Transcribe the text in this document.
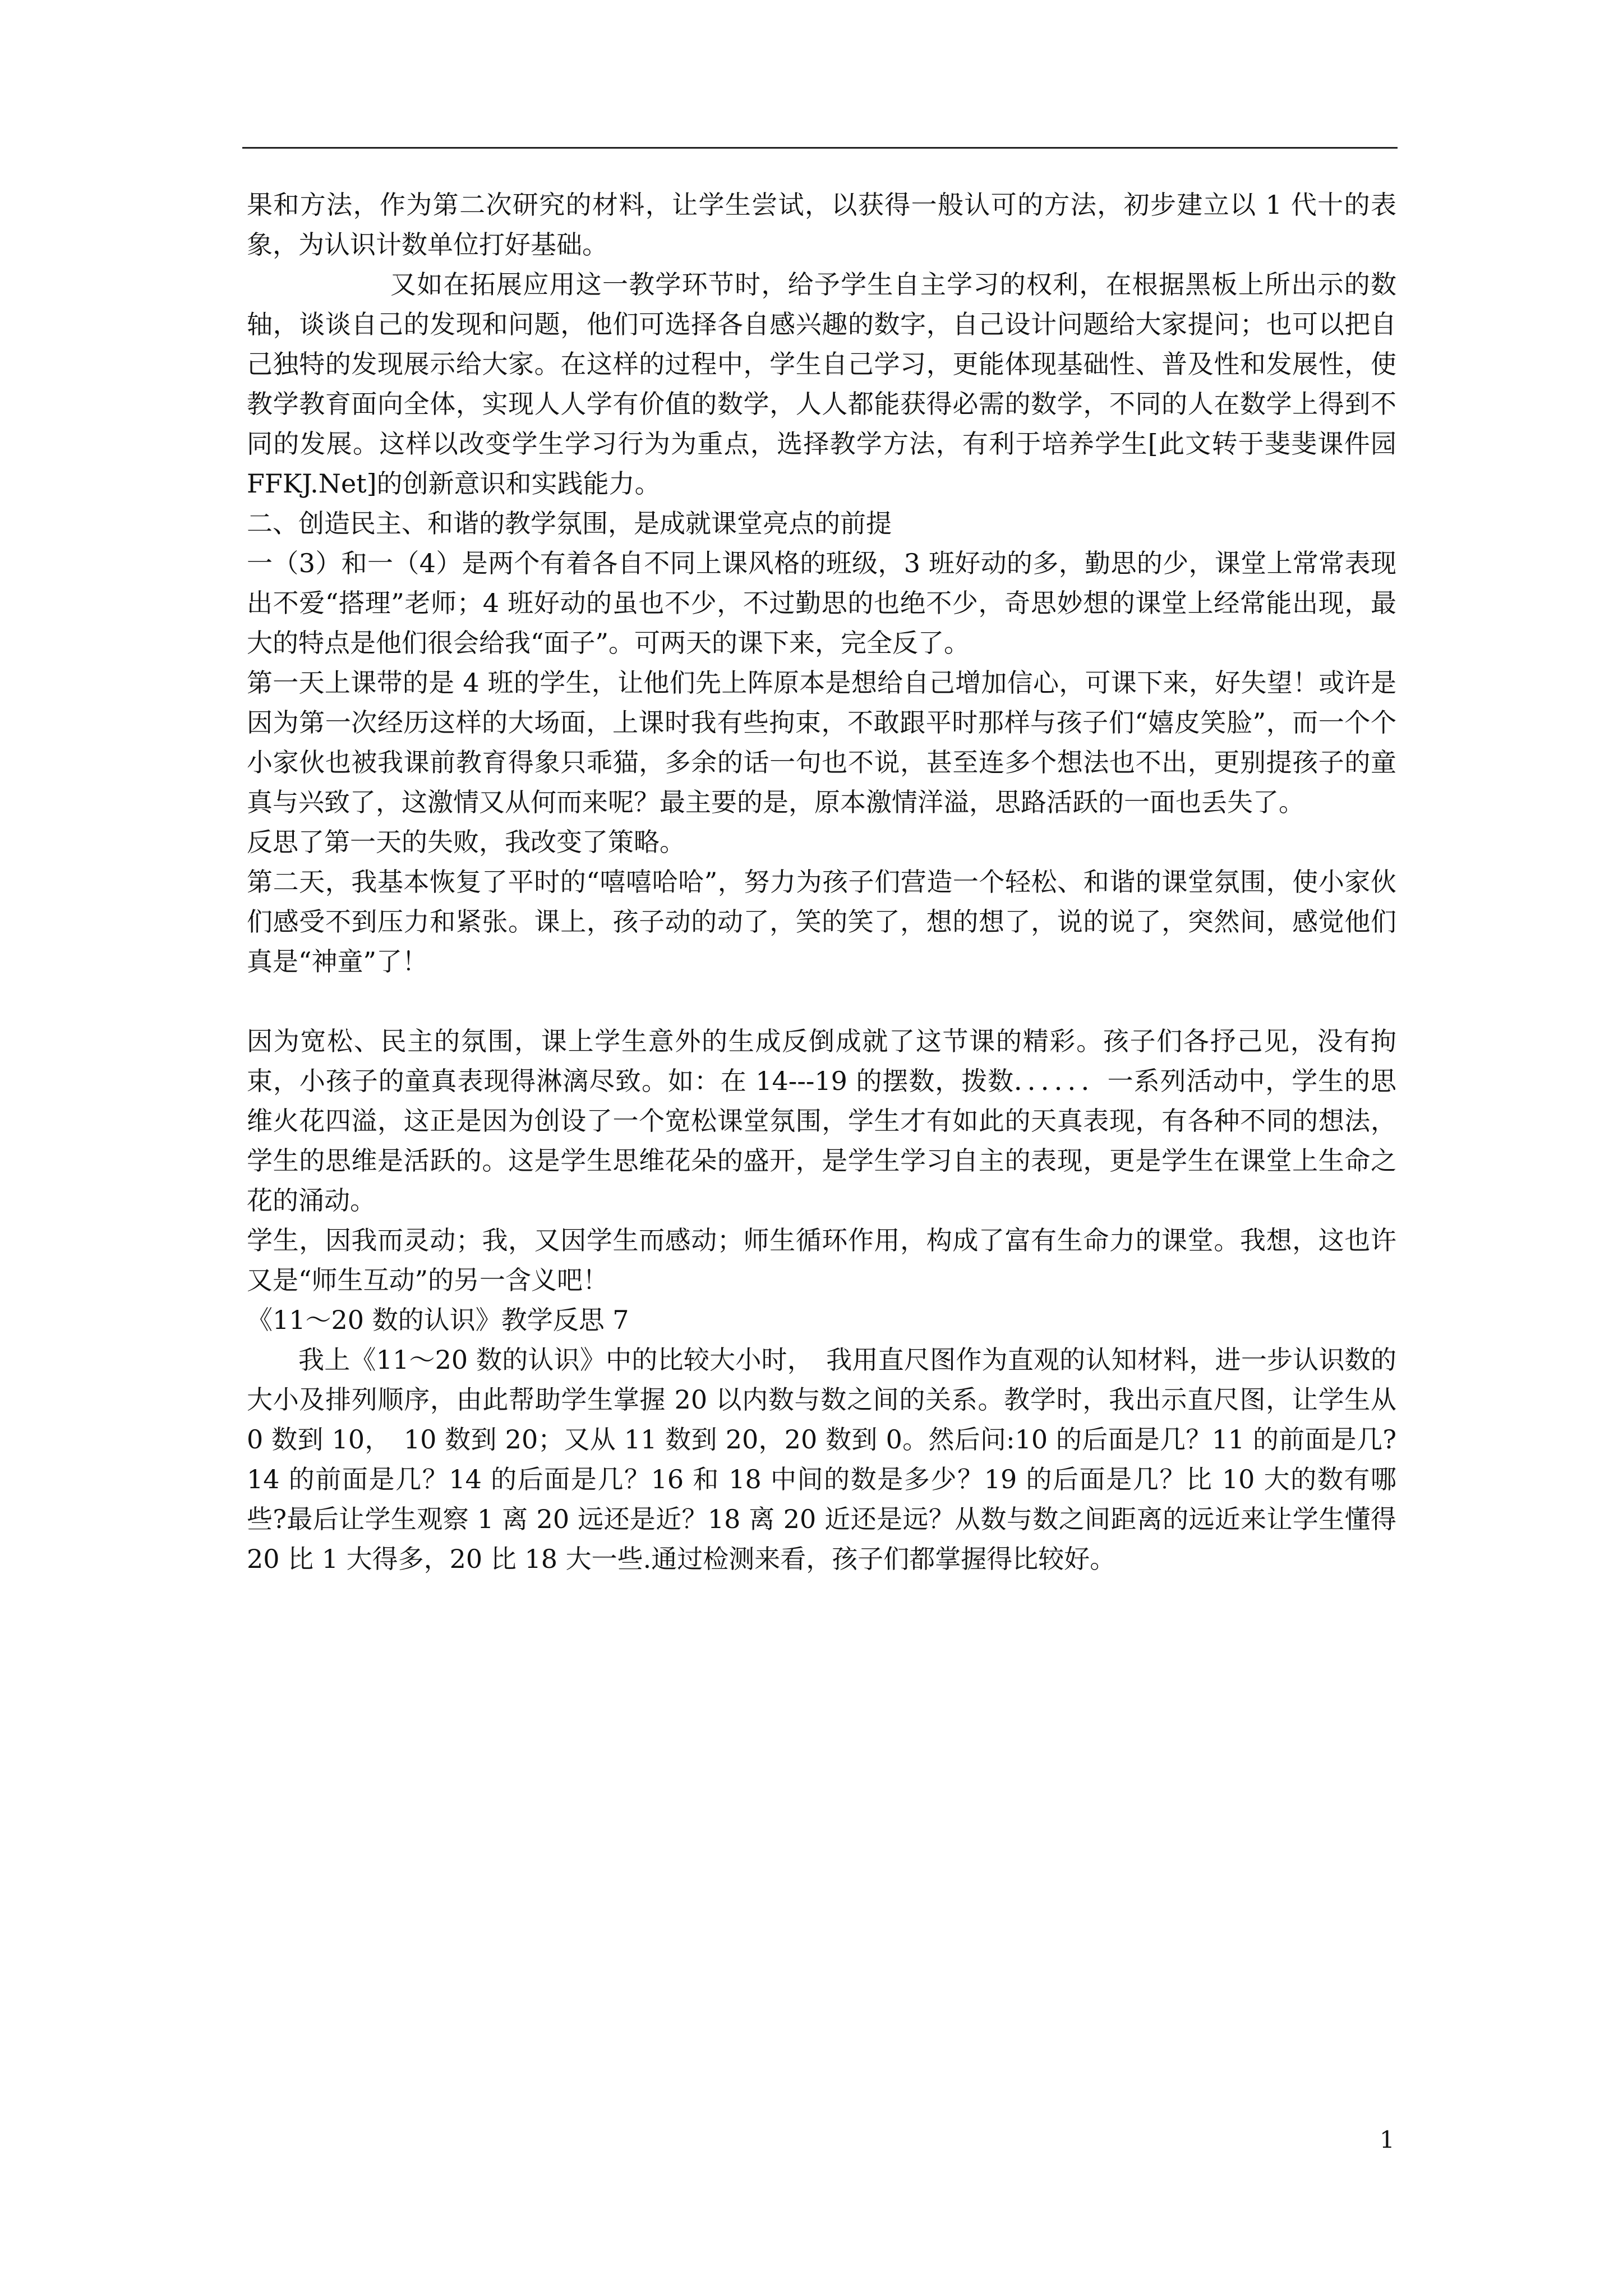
果和方法，作为第二次研究的材料，让学生尝试，以获得一般认可的方法，初步建立以 1 代十的表象，为认识计数单位打好基础。

又如在拓展应用这一教学环节时，给予学生自主学习的权利，在根据黑板上所出示的数轴，谈谈自己的发现和问题，他们可选择各自感兴趣的数字，自己设计问题给大家提问；也可以把自己独特的发现展示给大家。在这样的过程中，学生自己学习，更能体现基础性、普及性和发展性，使教学教育面向全体，实现人人学有价值的数学，人人都能获得必需的数学，不同的人在数学上得到不同的发展。这样以改变学生学习行为为重点，选择教学方法，有利于培养学生[此文转于斐斐课件园　FFKJ.Net]的创新意识和实践能力。

二、创造民主、和谐的教学氛围，是成就课堂亮点的前提

一（3）和一（4）是两个有着各自不同上课风格的班级，3 班好动的多，勤思的少，课堂上常常表现出不爱“搭理”老师；4 班好动的虽也不少，不过勤思的也绝不少，奇思妙想的课堂上经常能出现，最大的特点是他们很会给我“面子”。可两天的课下来，完全反了。

第一天上课带的是 4 班的学生，让他们先上阵原本是想给自己增加信心，可课下来，好失望！或许是因为第一次经历这样的大场面，上课时我有些拘束，不敢跟平时那样与孩子们“嬉皮笑脸”，而一个个小家伙也被我课前教育得象只乖猫，多余的话一句也不说，甚至连多个想法也不出，更别提孩子的童真与兴致了，这激情又从何而来呢？最主要的是，原本激情洋溢，思路活跃的一面也丢失了。

反思了第一天的失败，我改变了策略。

第二天，我基本恢复了平时的“嘻嘻哈哈”，努力为孩子们营造一个轻松、和谐的课堂氛围，使小家伙们感受不到压力和紧张。课上，孩子动的动了，笑的笑了，想的想了，说的说了，突然间，感觉他们真是“神童”了！

因为宽松、民主的氛围，课上学生意外的生成反倒成就了这节课的精彩。孩子们各抒己见，没有拘束，小孩子的童真表现得淋漓尽致。如：在 14---19 的摆数，拨数．．．．．．一系列活动中，学生的思维火花四溢，这正是因为创设了一个宽松课堂氛围，学生才有如此的天真表现，有各种不同的想法，学生的思维是活跃的。这是学生思维花朵的盛开，是学生学习自主的表现，更是学生在课堂上生命之花的涌动。

学生，因我而灵动；我，又因学生而感动；师生循环作用，构成了富有生命力的课堂。我想，这也许又是“师生互动”的另一含义吧！

《11～20 数的认识》教学反思 7

我上《11～20 数的认识》中的比较大小时，　我用直尺图作为直观的认知材料，进一步认识数的大小及排列顺序，由此帮助学生掌握 20 以内数与数之间的关系。教学时，我出示直尺图，让学生从 0 数到 10，　10 数到 20；又从 11 数到 20，20 数到 0。然后问:10 的后面是几？11 的前面是几?14 的前面是几？14 的后面是几？16 和 18 中间的数是多少？19 的后面是几？比 10 大的数有哪些?最后让学生观察 1 离 20 远还是近？18 离 20 近还是远？从数与数之间距离的远近来让学生懂得 20 比 1 大得多，20 比 18 大一些.通过检测来看，孩子们都掌握得比较好。

1
